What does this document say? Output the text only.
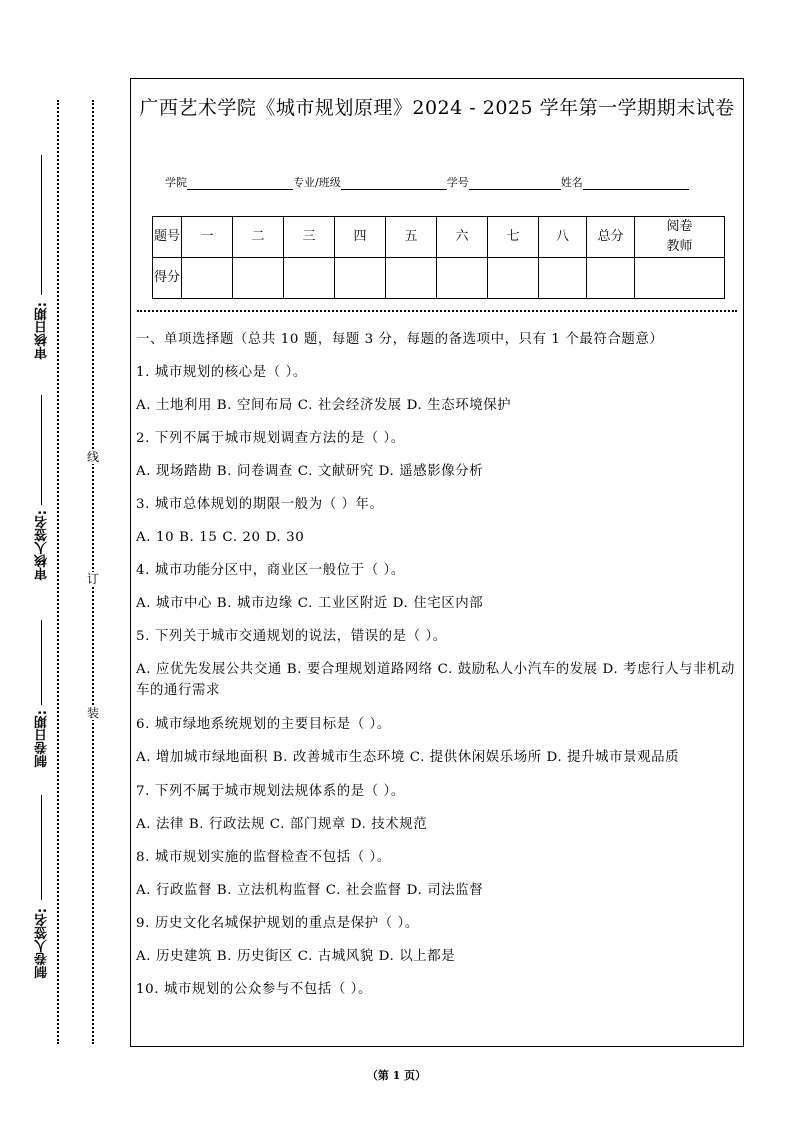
审核日期:
审核人签名:
制卷日期:
制卷人签名:
线
订
装
广西艺术学院《城市规划原理》2024 - 2025 学年第一学期期末试卷
学院	专业/班级	学号	姓名
题号	一	二	三	四	五	六	七	八	总分	阅卷教师
得分										

一、单项选择题（总共 10 题，每题 3 分，每题的备选项中，只有 1 个最符合题意）

1. 城市规划的核心是（ ）。

A. 土地利用 B. 空间布局 C. 社会经济发展 D. 生态环境保护

2. 下列不属于城市规划调查方法的是（ ）。

A. 现场踏勘 B. 问卷调查 C. 文献研究 D. 遥感影像分析

3. 城市总体规划的期限一般为（ ）年。

A. 10 B. 15 C. 20 D. 30

4. 城市功能分区中，商业区一般位于（ ）。

A. 城市中心 B. 城市边缘 C. 工业区附近 D. 住宅区内部

5. 下列关于城市交通规划的说法，错误的是（ ）。

A. 应优先发展公共交通 B. 要合理规划道路网络 C. 鼓励私人小汽车的发展 D. 考虑行人与非机动车的通行需求

6. 城市绿地系统规划的主要目标是（ ）。

A. 增加城市绿地面积 B. 改善城市生态环境 C. 提供休闲娱乐场所 D. 提升城市景观品质

7. 下列不属于城市规划法规体系的是（ ）。

A. 法律 B. 行政法规 C. 部门规章 D. 技术规范

8. 城市规划实施的监督检查不包括（ ）。

A. 行政监督 B. 立法机构监督 C. 社会监督 D. 司法监督

9. 历史文化名城保护规划的重点是保护（ ）。

A. 历史建筑 B. 历史街区 C. 古城风貌 D. 以上都是

10. 城市规划的公众参与不包括（ ）。

（第 1 页）
